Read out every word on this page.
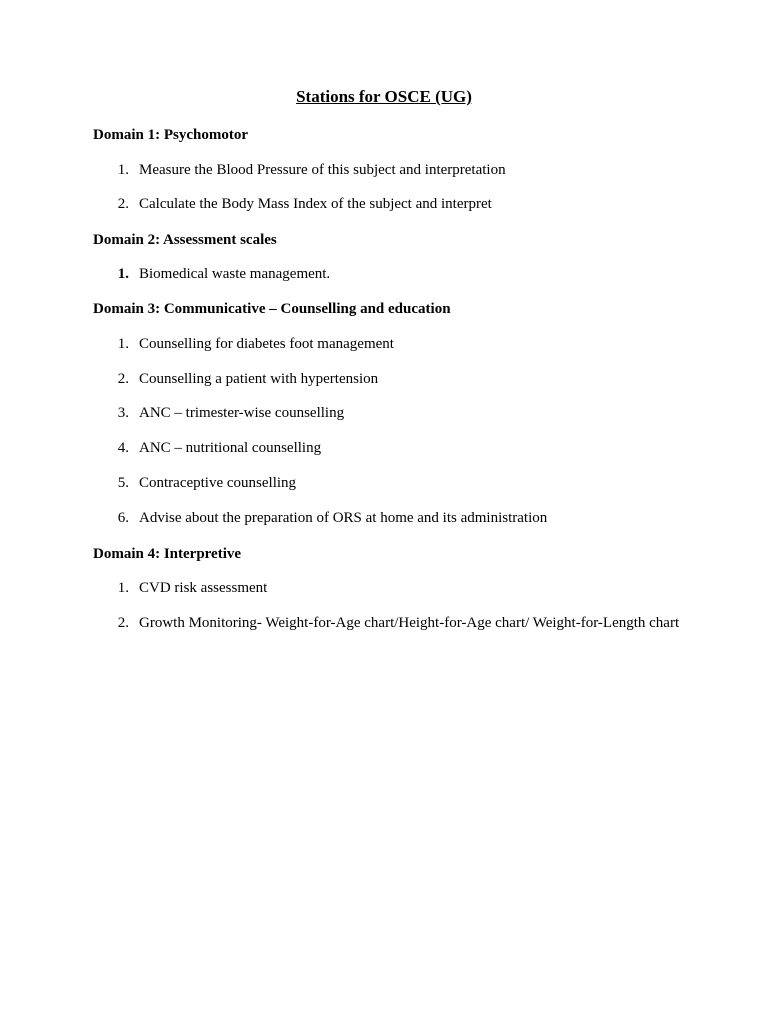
Stations for OSCE (UG)
Domain 1: Psychomotor
1. Measure the Blood Pressure of this subject and interpretation
2. Calculate the Body Mass Index of the subject and interpret
Domain 2: Assessment scales
1. Biomedical waste management.
Domain 3: Communicative – Counselling and education
1. Counselling for diabetes foot management
2. Counselling a patient with hypertension
3. ANC – trimester-wise counselling
4. ANC – nutritional counselling
5. Contraceptive counselling
6. Advise about the preparation of ORS at home and its administration
Domain 4: Interpretive
1. CVD risk assessment
2. Growth Monitoring- Weight-for-Age chart/Height-for-Age chart/ Weight-for-Length chart
